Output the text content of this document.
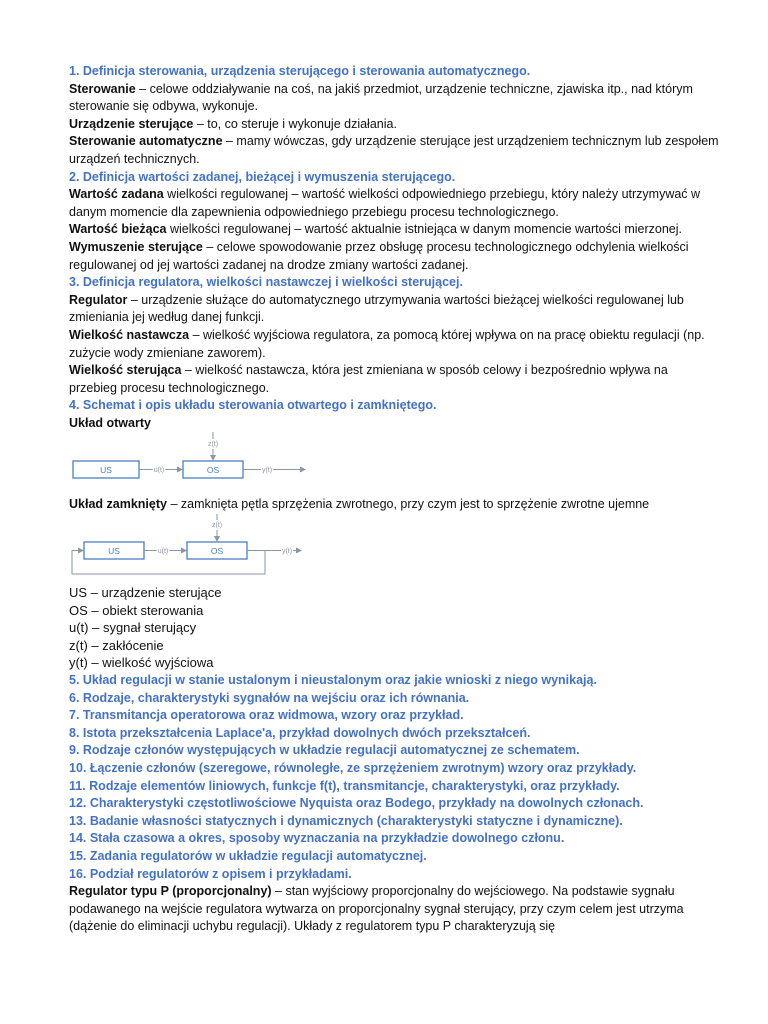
1. Definicja sterowania, urządzenia sterującego i sterowania automatycznego.

Sterowanie – celowe oddziaływanie na coś, na jakiś przedmiot, urządzenie techniczne, zjawiska itp., nad którym sterowanie się odbywa, wykonuje.

Urządzenie sterujące – to, co steruje i wykonuje działania.

Sterowanie automatyczne – mamy wówczas, gdy urządzenie sterujące jest urządzeniem technicznym lub zespołem urządzeń technicznych.

2. Definicja wartości zadanej, bieżącej i wymuszenia sterującego.

Wartość zadana wielkości regulowanej – wartość wielkości odpowiedniego przebiegu, który należy utrzymywać w danym momencie dla zapewnienia odpowiedniego przebiegu procesu technologicznego.

Wartość bieżąca wielkości regulowanej – wartość aktualnie istniejąca w danym momencie wartości mierzonej.

Wymuszenie sterujące – celowe spowodowanie przez obsługę procesu technologicznego odchylenia wielkości regulowanej od jej wartości zadanej na drodze zmiany wartości zadanej.

3. Definicja regulatora, wielkości nastawczej i wielkości sterującej.

Regulator – urządzenie służące do automatycznego utrzymywania wartości bieżącej wielkości regulowanej lub zmieniania jej według danej funkcji.

Wielkość nastawcza – wielkość wyjściowa regulatora, za pomocą której wpływa on na pracę obiektu regulacji (np. zużycie wody zmieniane zaworem).

Wielkość sterująca – wielkość nastawcza, która jest zmieniana w sposób celowy i bezpośrednio wpływa na przebieg procesu technologicznego.

4. Schemat i opis układu sterowania otwartego i zamkniętego.

Układ otwarty

US	u(t)	OS
z(t)
y(t)

Układ zamknięty – zamknięta pętla sprzężenia zwrotnego, przy czym jest to sprzężenie zwrotne ujemne

US	u(t)	OS
z(t)
y(t)

US – urządzenie sterujące

OS – obiekt sterowania

u(t) – sygnał sterujący

z(t) – zakłócenie

y(t) – wielkość wyjściowa

5. Układ regulacji w stanie ustalonym i nieustalonym oraz jakie wnioski z niego wynikają.

6. Rodzaje, charakterystyki sygnałów na wejściu oraz ich równania.

7. Transmitancja operatorowa oraz widmowa, wzory oraz przykład.

8. Istota przekształcenia Laplace'a, przykład dowolnych dwóch przekształceń.

9. Rodzaje członów występujących w układzie regulacji automatycznej ze schematem.

10. Łączenie członów (szeregowe, równoległe, ze sprzężeniem zwrotnym) wzory oraz przykłady.

11. Rodzaje elementów liniowych, funkcje f(t), transmitancje, charakterystyki, oraz przykłady.

12. Charakterystyki częstotliwościowe Nyquista oraz Bodego, przykłady na dowolnych członach.

13. Badanie własności statycznych i dynamicznych (charakterystyki statyczne i dynamiczne).

14. Stała czasowa a okres, sposoby wyznaczania na przykładzie dowolnego członu.

15. Zadania regulatorów w układzie regulacji automatycznej.

16. Podział regulatorów z opisem i przykładami.

Regulator typu P (proporcjonalny) – stan wyjściowy proporcjonalny do wejściowego. Na podstawie sygnału podawanego na wejście regulatora wytwarza on proporcjonalny sygnał sterujący, przy czym celem jest utrzyma (dążenie do eliminacji uchybu regulacji). Układy z regulatorem typu P charakteryzują się
